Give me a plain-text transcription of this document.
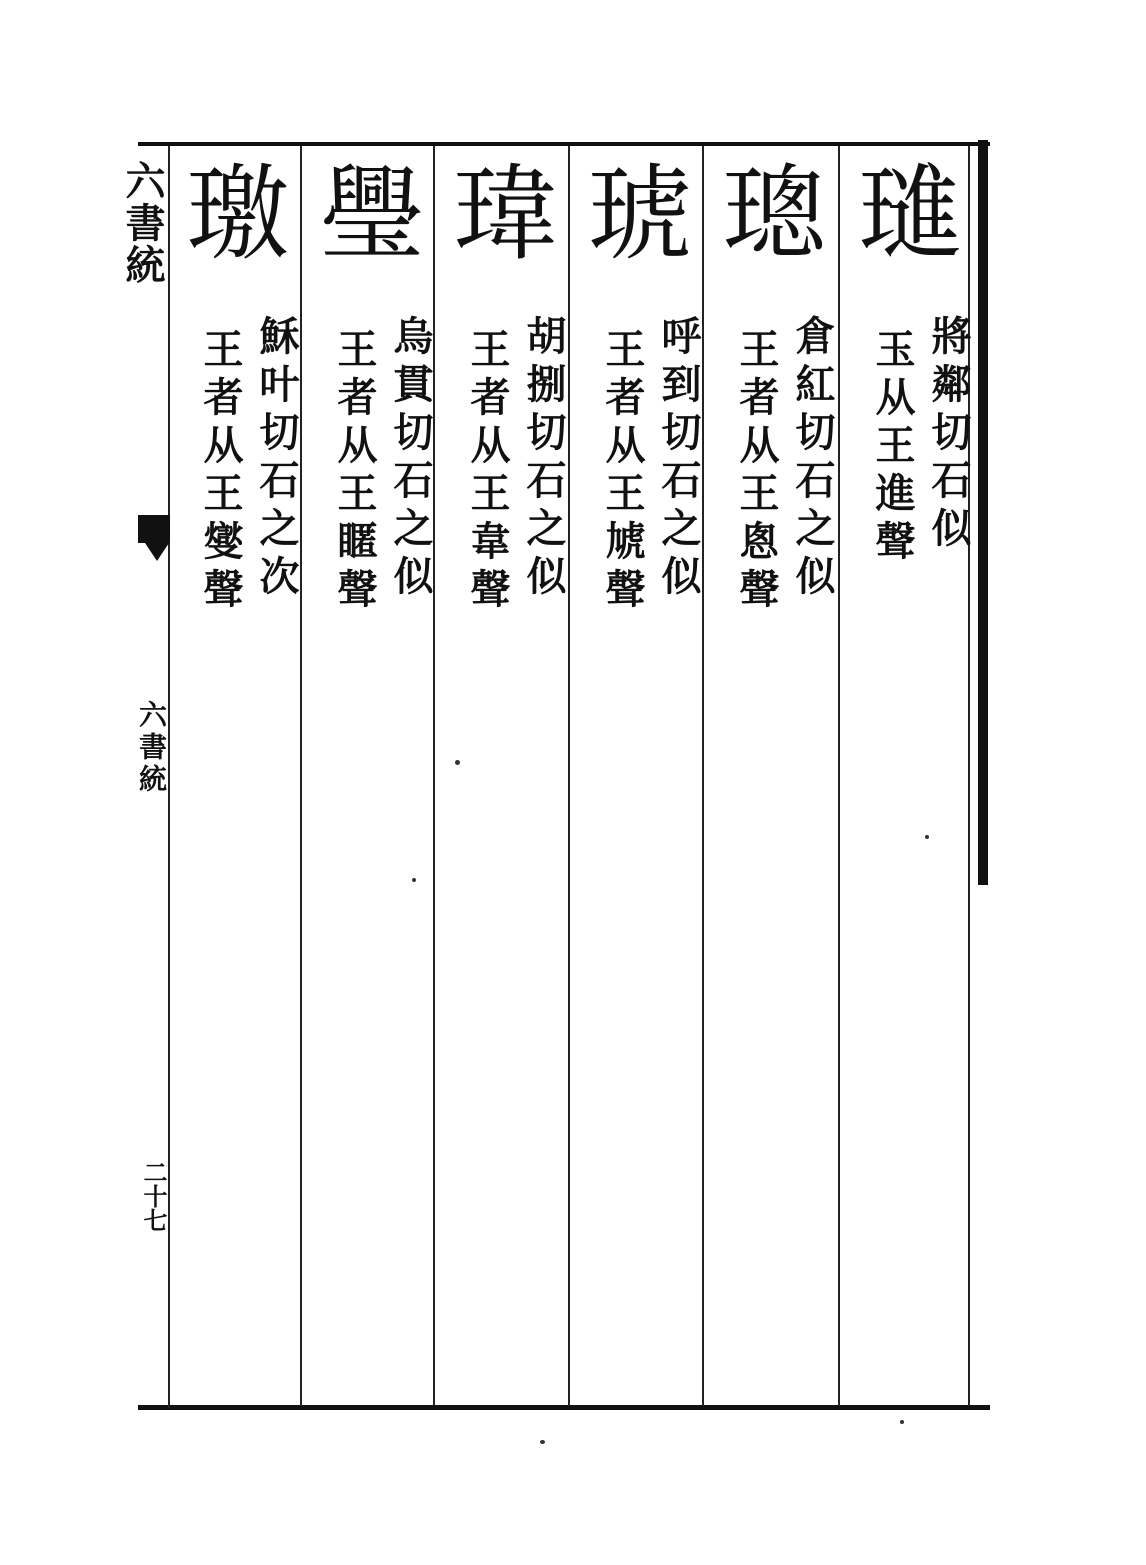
六書統
六書統
二十七
璡
將鄰切石似
玉从王進聲
璁
倉紅切石之似
王者从王悤聲
琥
呼到切石之似
王者从王虓聲
瑋
胡捌切石之似
王者从王韋聲
璺
烏貫切石之似
王者从王䁥聲
璬
穌叶切石之次
王者从王燮聲
